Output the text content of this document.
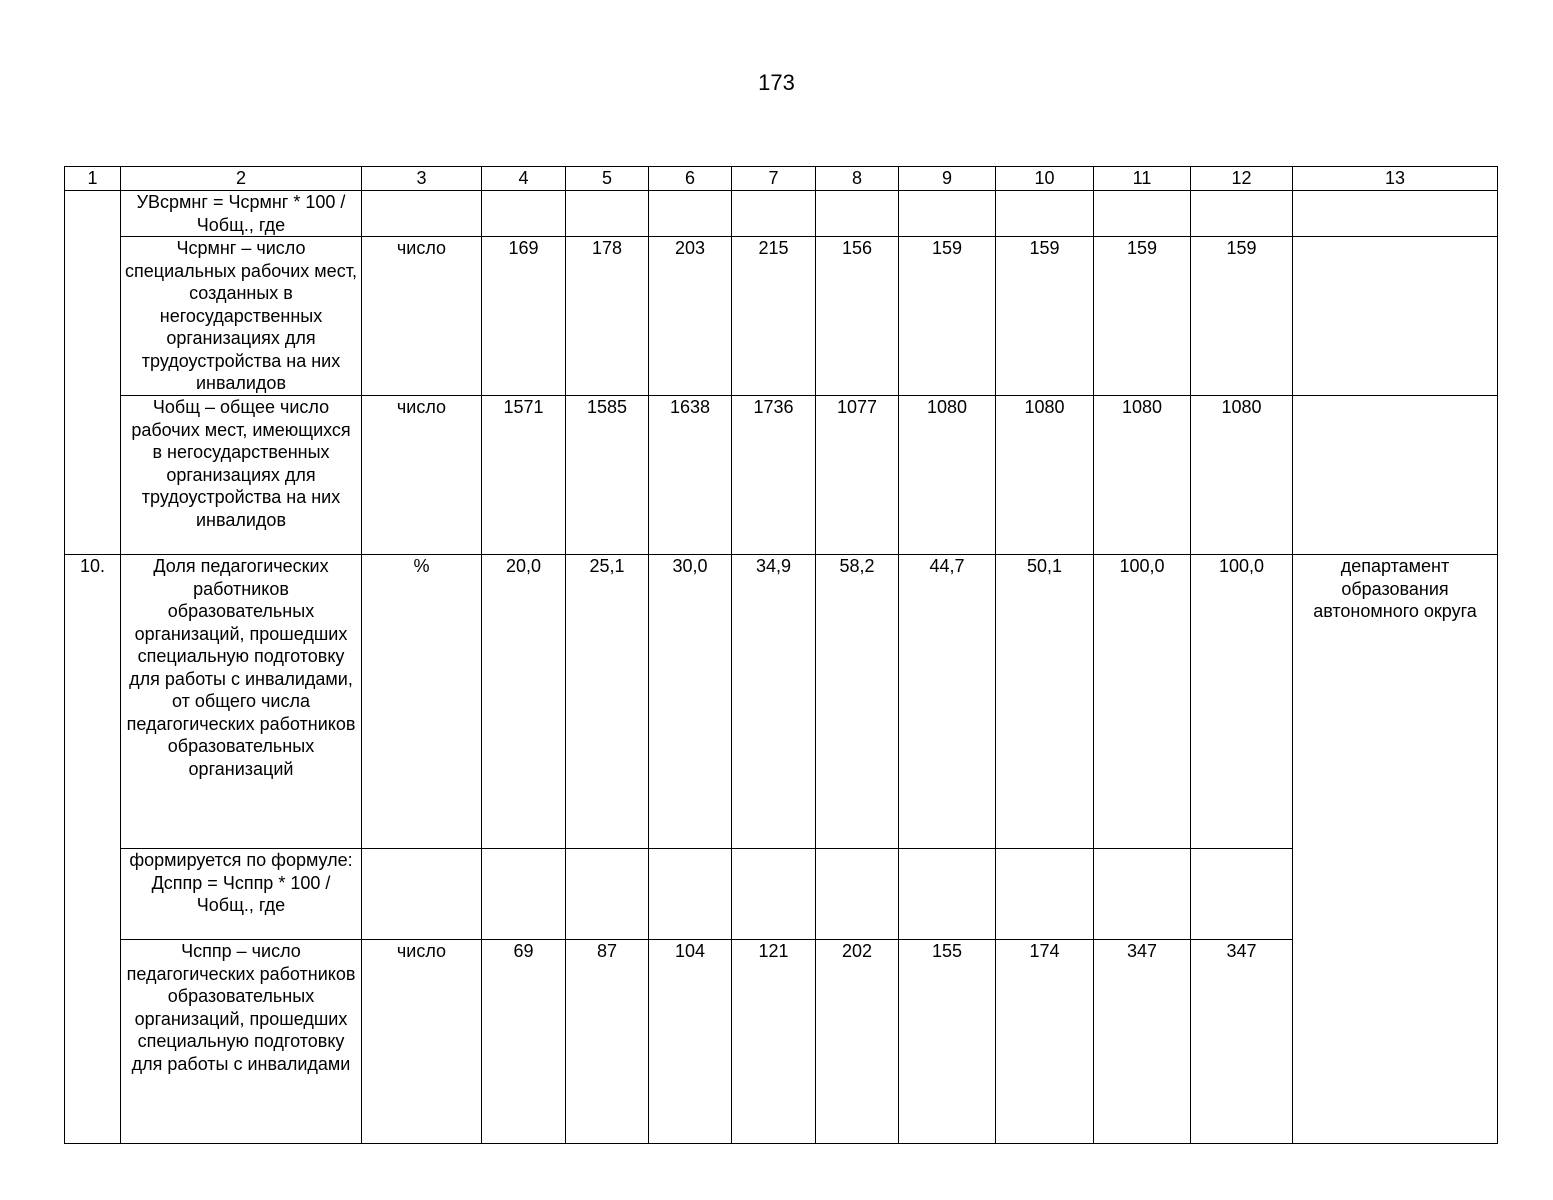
173
1	2	3	4	5	6	7	8	9	10	11	12	13
	УВсрмнг = Чсрмнг * 100 / Чобщ., где											
	Чсрмнг – число специальных рабочих мест, созданных в негосударственных организациях для трудоустройства на них инвалидов	число	169	178	203	215	156	159	159	159	159	
	Чобщ – общее число рабочих мест, имеющихся в негосударственных организациях для трудоустройства на них инвалидов	число	1571	1585	1638	1736	1077	1080	1080	1080	1080	
10.	Доля педагогических работников образовательных организаций, прошедших специальную подготовку для работы с инвалидами, от общего числа педагогических работников образовательных организаций	%	20,0	25,1	30,0	34,9	58,2	44,7	50,1	100,0	100,0	департамент образования автономного округа
	формируется по формуле: Дсппр = Чсппр * 100 / Чобщ., где											
	Чсппр – число педагогических работников образовательных организаций, прошедших специальную подготовку для работы с инвалидами	число	69	87	104	121	202	155	174	347	347	
